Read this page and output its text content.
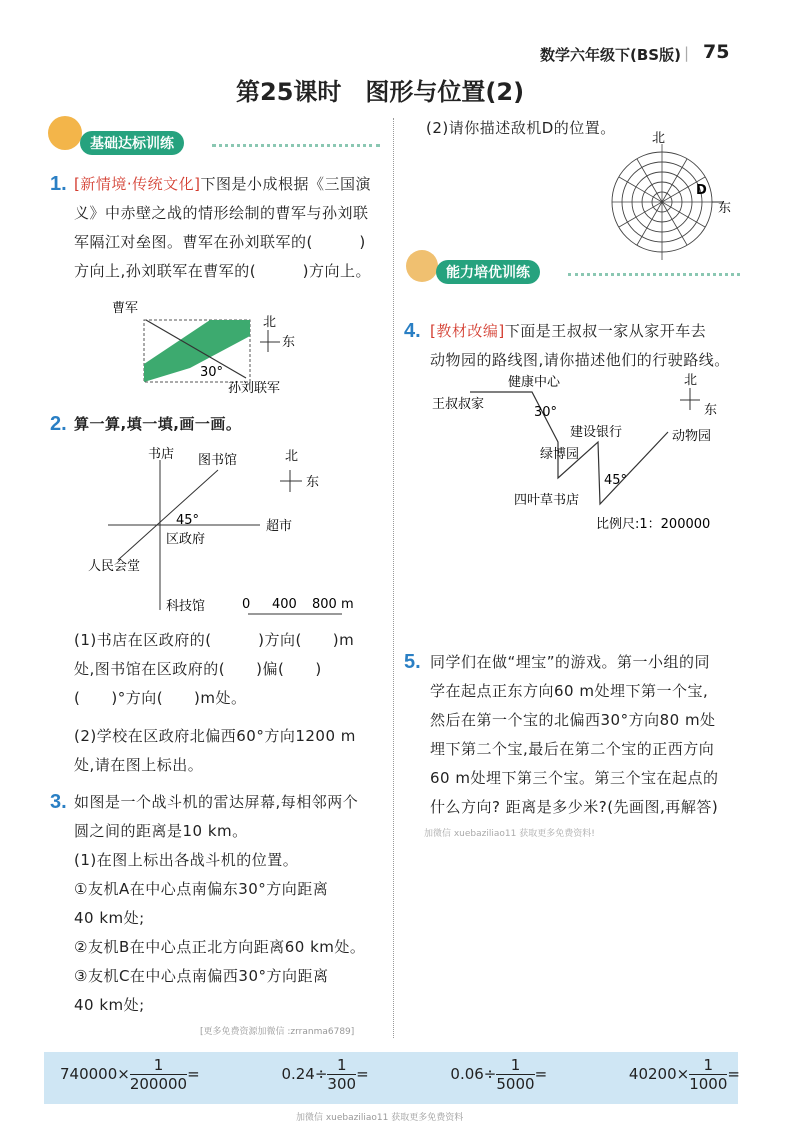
数学六年级下(BS版) | 75
第25课时　图形与位置(2)
基础达标训练
1. [新情境·传统文化]下图是小成根据《三国演
义》中赤壁之战的情形绘制的曹军与孙刘联
军隔江对垒图。曹军在孙刘联军的(　　　)
方向上,孙刘联军在曹军的(　　　)方向上。
曹军
30°
孙刘联军
北
东
2. 算一算,填一填,画一画。
书店 图书馆
超市
45°
区政府
人民会堂
科技馆
北
东
0 400 800 m
(1)书店在区政府的(　　　)方向(　　)m
处,图书馆在区政府的(　　)偏(　　)
(　　)°方向(　　)m处。
(2)学校在区政府北偏西60°方向1200 m
处,请在图上标出。
3. 如图是一个战斗机的雷达屏幕,每相邻两个
圆之间的距离是10 km。
(1)在图上标出各战斗机的位置。
①友机A在中心点南偏东30°方向距离
40 km处;
②友机B在中心点正北方向距离60 km处。
③友机C在中心点南偏西30°方向距离
40 km处;
[更多免费资源加微信 :zrranma6789]
(2)请你描述敌机D的位置。
北
东
D
能力培优训练
4. [教材改编]下面是王叔叔一家从家开车去
动物园的路线图,请你描述他们的行驶路线。
王叔叔家
健康中心
30°
建设银行	动物园
绿博园
45°
四叶草书店
比例尺:1：200000
北
东
5. 同学们在做“埋宝”的游戏。第一小组的同
学在起点正东方向60 m处埋下第一个宝,
然后在第一个宝的北偏西30°方向80 m处
埋下第二个宝,最后在第二个宝的正西方向
60 m处埋下第三个宝。第三个宝在起点的
什么方向? 距离是多少米?(先画图,再解答)
加微信 xuebaziliao11 获取更多免费资料!
$740000\times \frac{1}{200000}$ =	$0.24\div \frac{1}{300}$ =	$0.06\div \frac{1}{5000}$ =	$40200\times \frac{1}{1000}$ =
加微信 xuebaziliao11 获取更多免费资料
